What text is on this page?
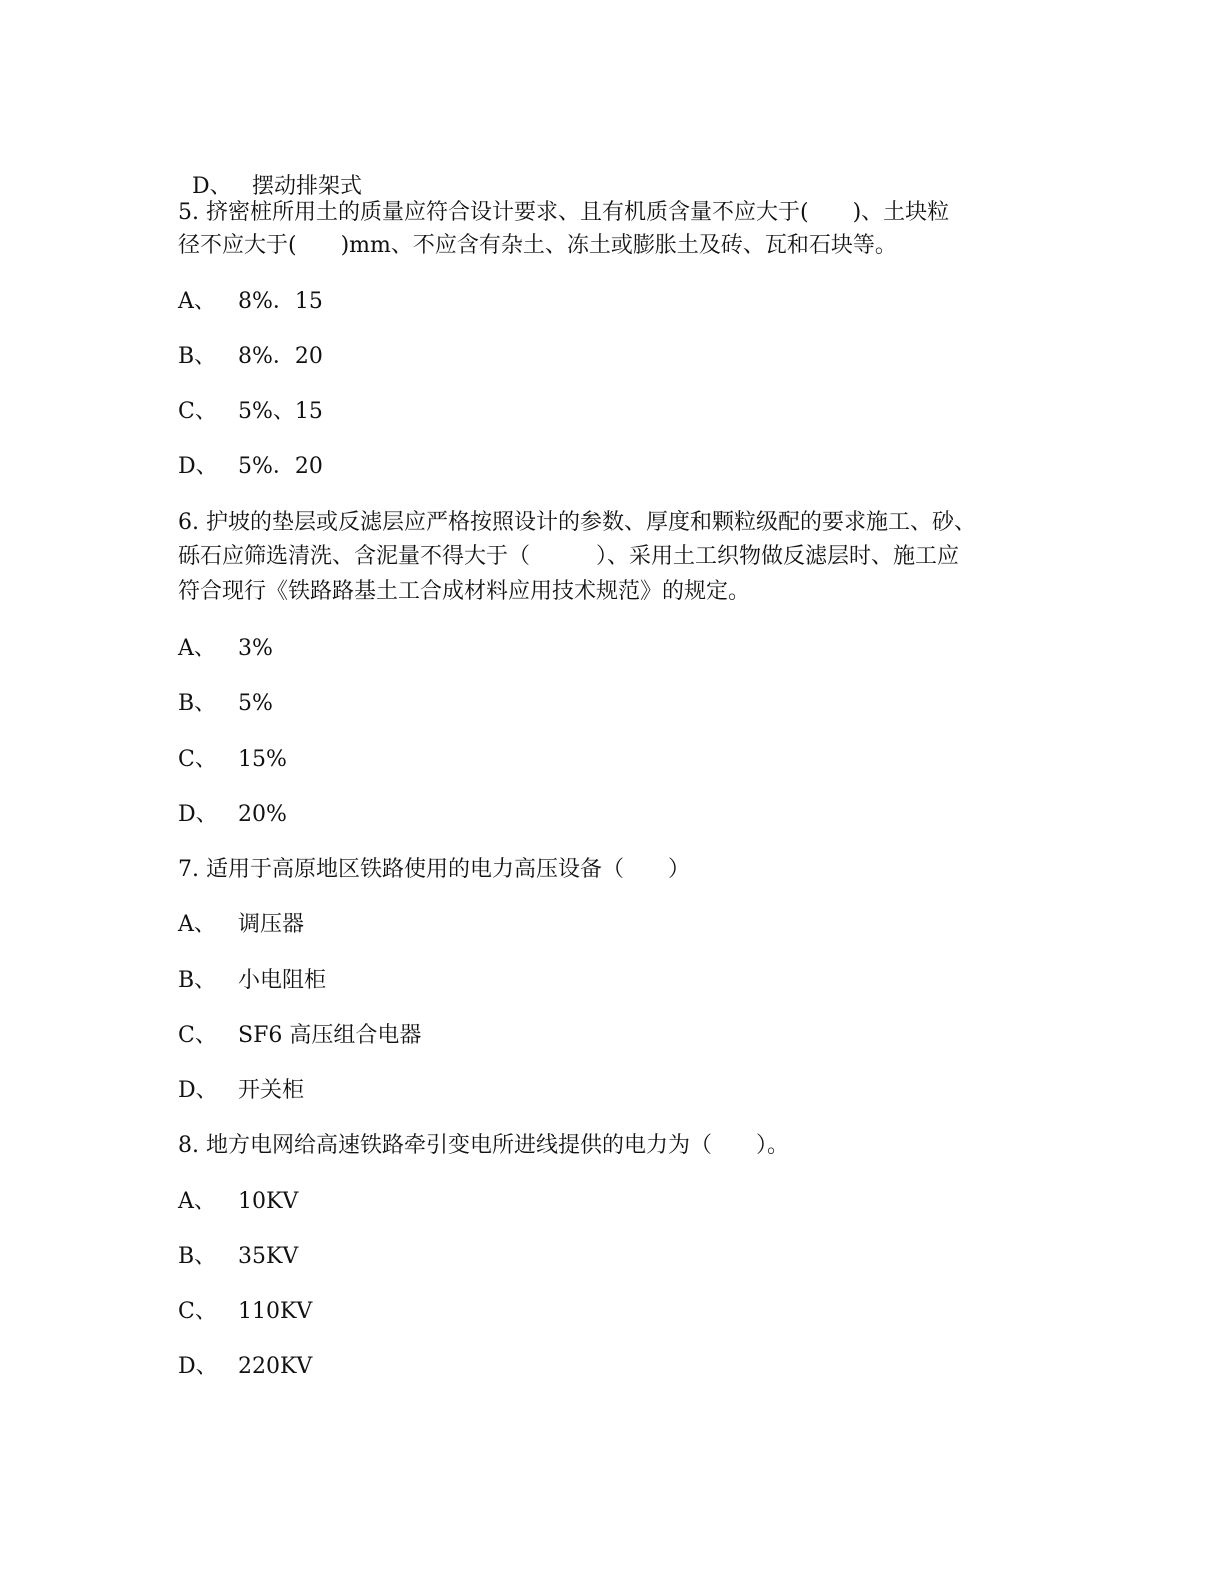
D、 摆动排架式

5. 挤密桩所用土的质量应符合设计要求、且有机质含量不应大于(　　)、土块粒
径不应大于(　　)mm、不应含有杂土、冻土或膨胀土及砖、瓦和石块等。
A、 8%．15
B、 8%．20
C、 5%、15
D、 5%．20
6. 护坡的垫层或反滤层应严格按照设计的参数、厚度和颗粒级配的要求施工、砂、
砾石应筛选清洗、含泥量不得大于（　　　）、采用土工织物做反滤层时、施工应
符合现行《铁路路基土工合成材料应用技术规范》的规定。
A、 3%
B、 5%
C、 15%
D、 20%
7. 适用于高原地区铁路使用的电力高压设备（　　）
A、 调压器
B、 小电阻柜
C、 SF6 高压组合电器
D、 开关柜
8. 地方电网给高速铁路牵引变电所进线提供的电力为（　　）。
A、 10KV
B、 35KV
C、 110KV
D、 220KV
